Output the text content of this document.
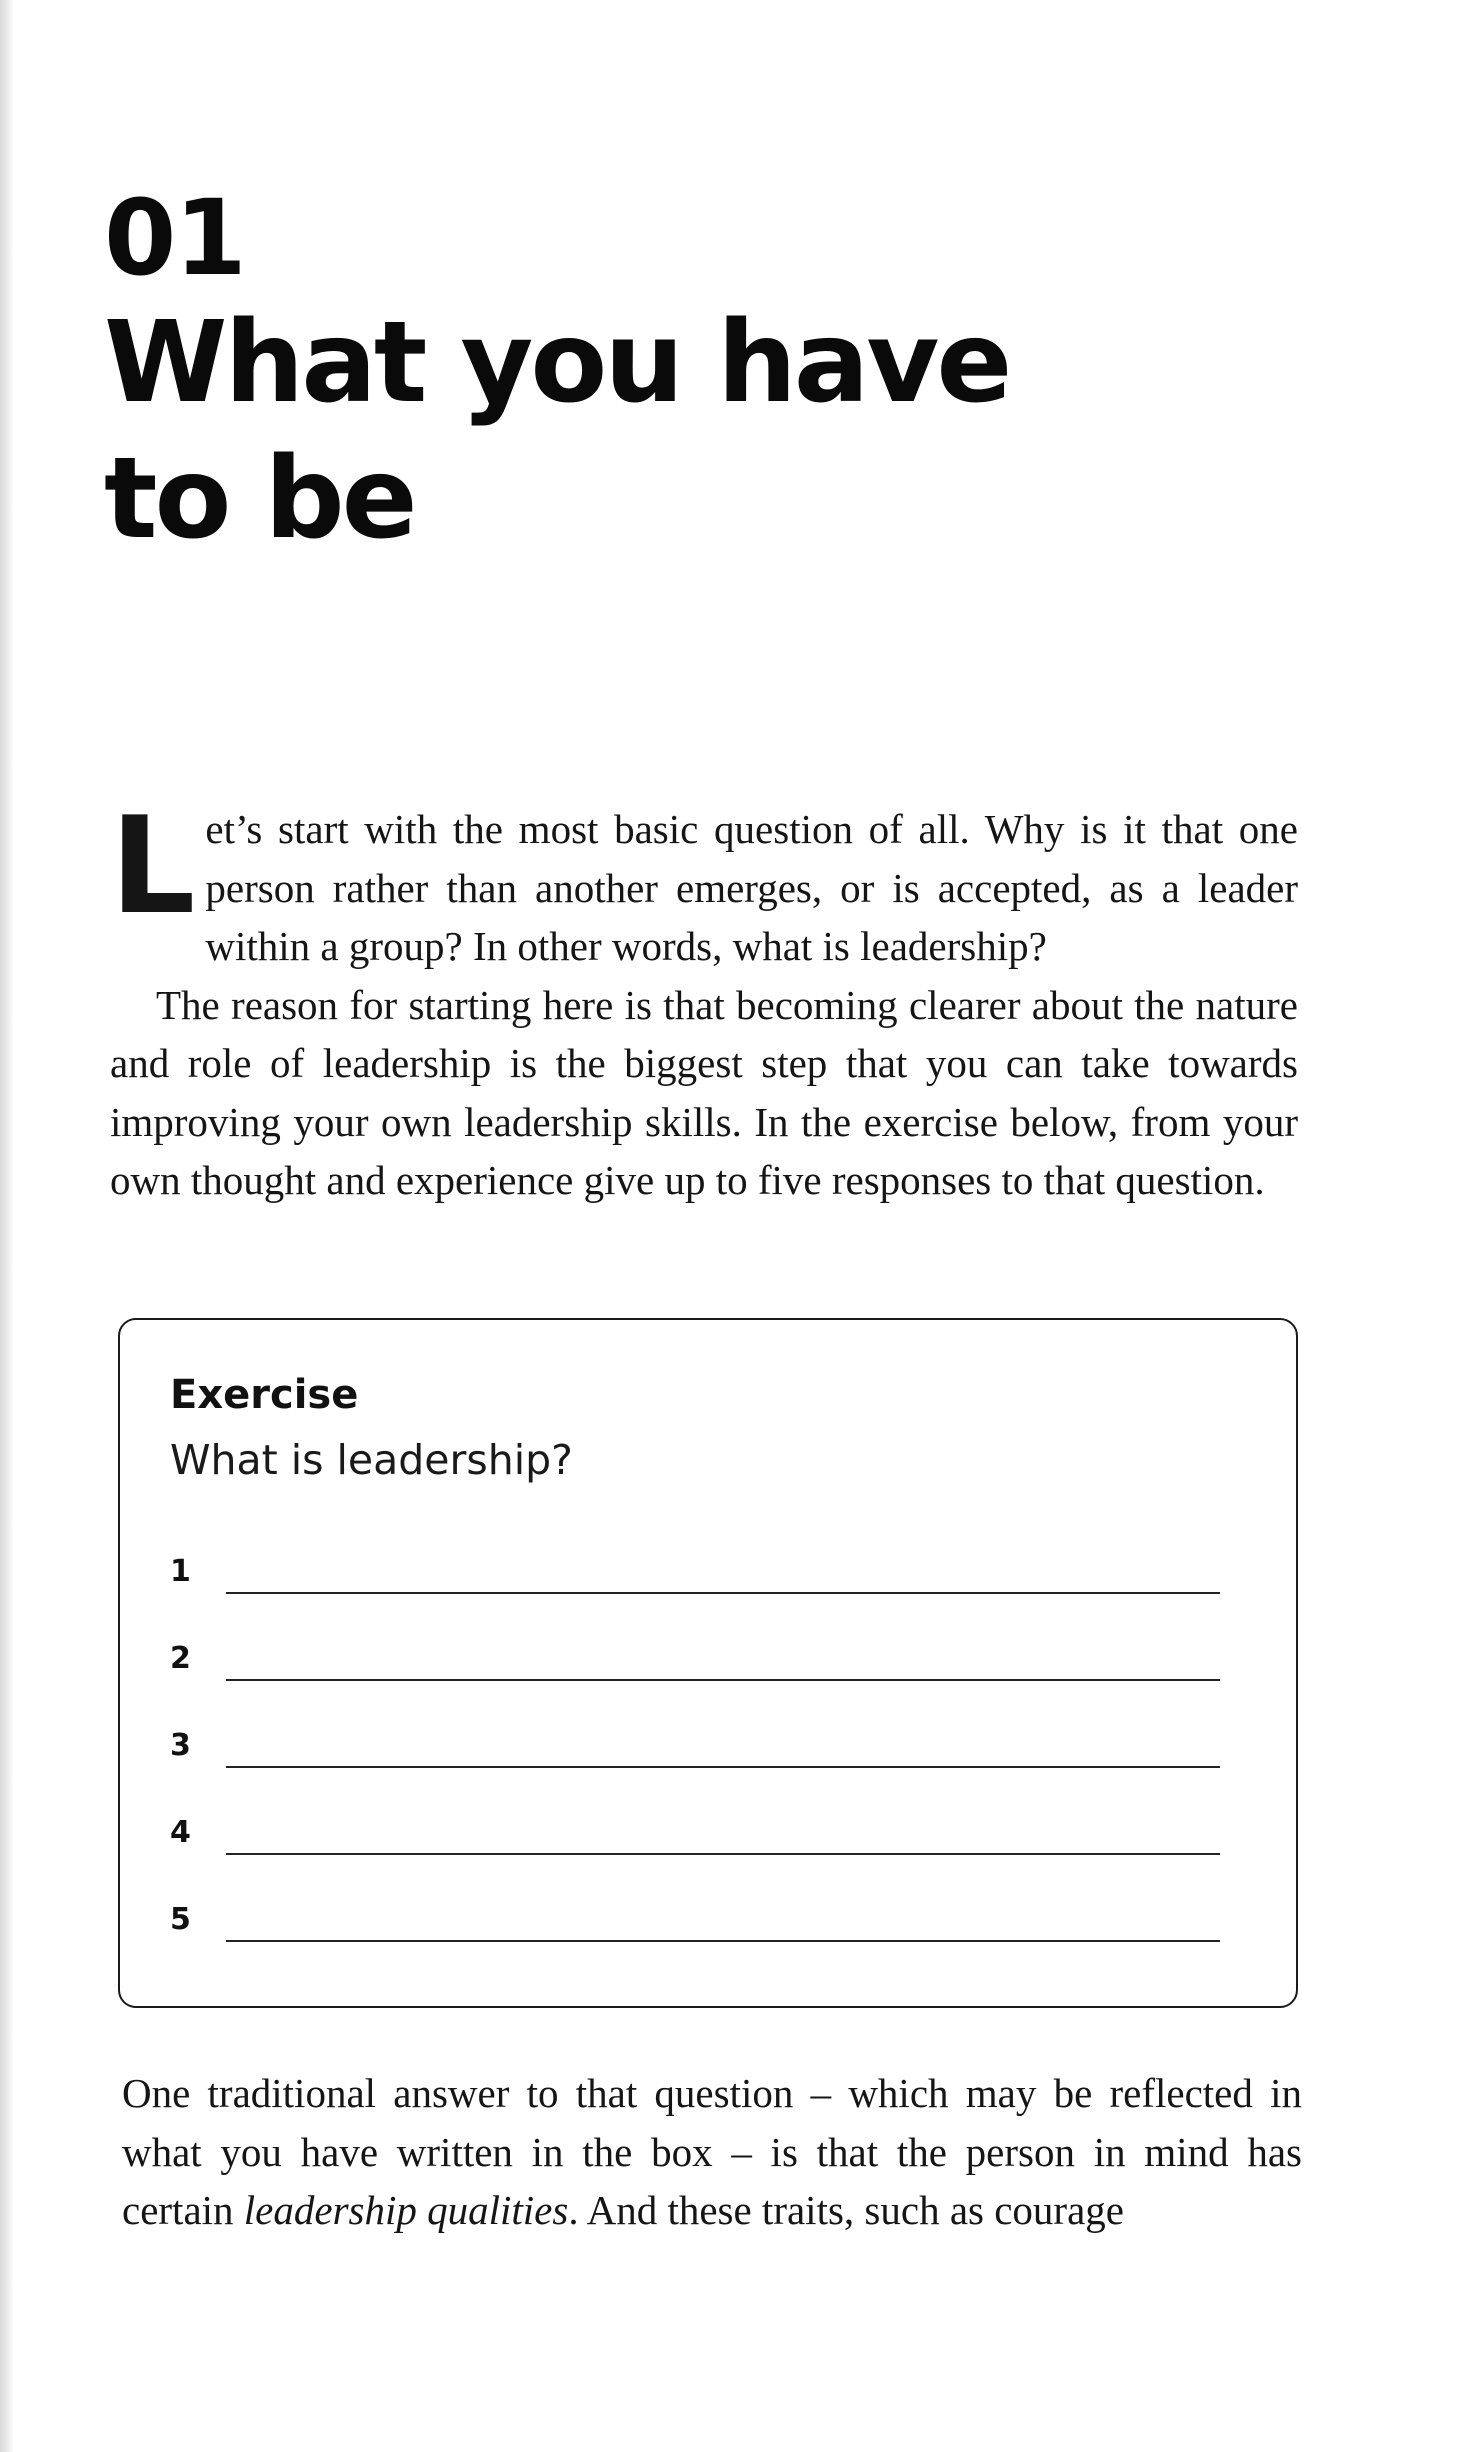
01
What you have
to be

Let’s start with the most basic question of all. Why is it that one person rather than another emerges, or is accepted, as a leader within a group? In other words, what is leadership?

The reason for starting here is that becoming clearer about the nature and role of leadership is the biggest step that you can take towards improving your own leadership skills. In the exercise below, from your own thought and experience give up to five responses to that question.

Exercise

What is leadership?

1
2
3
4
5

One traditional answer to that question – which may be reflected in what you have written in the box – is that the person in mind has certain leadership qualities. And these traits, such as courage
